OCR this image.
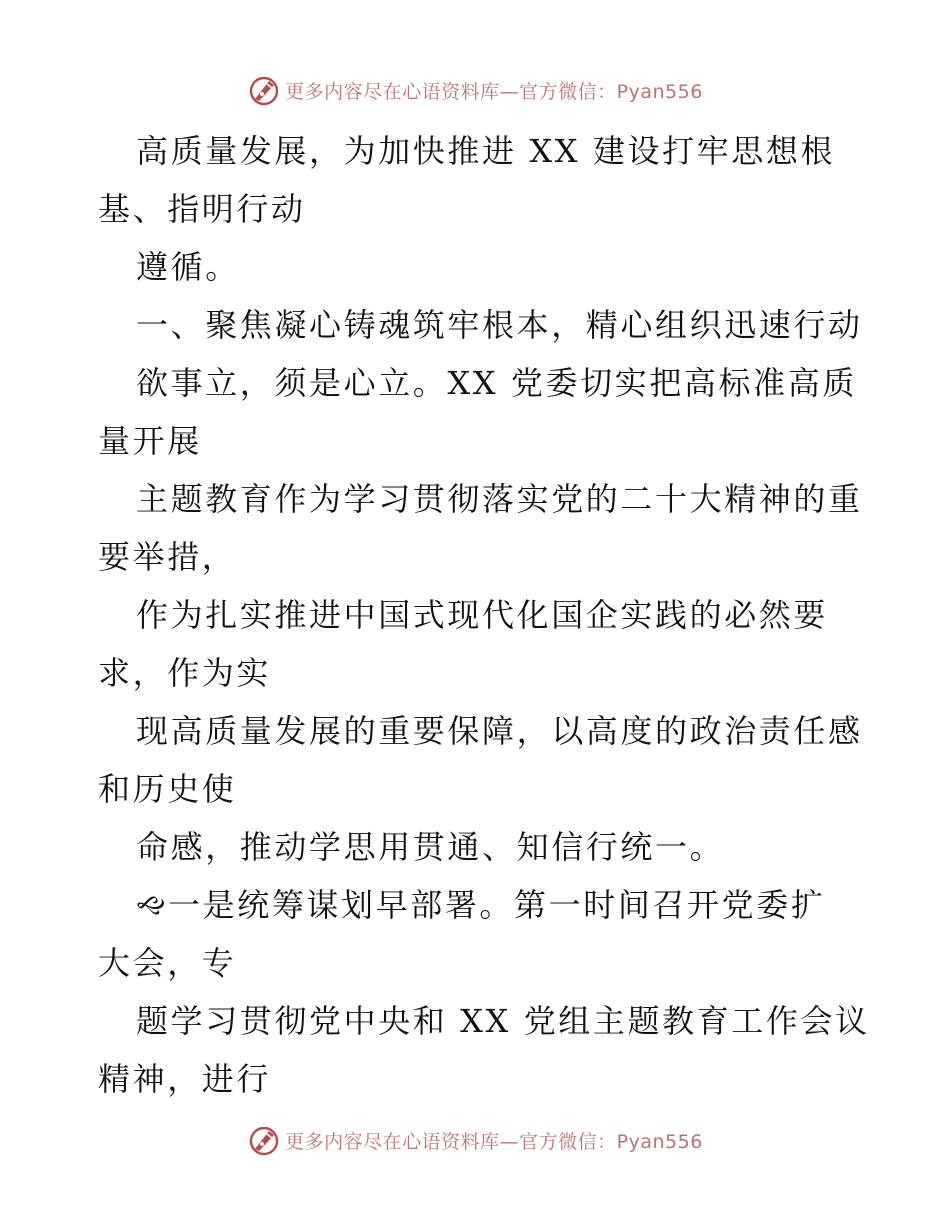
更多内容尽在心语资料库—官方微信：Pyan556
高质量发展，为加快推进 XX 建设打牢思想根
基、指明行动
遵循。
一、聚焦凝心铸魂筑牢根本，精心组织迅速行动
欲事立，须是心立。XX 党委切实把高标准高质
量开展
主题教育作为学习贯彻落实党的二十大精神的重
要举措，
作为扎实推进中国式现代化国企实践的必然要
求，作为实
现高质量发展的重要保障，以高度的政治责任感
和历史使
命感，推动学思用贯通、知信行统一。
🙙一是统筹谋划早部署。第一时间召开党委扩
大会，专
题学习贯彻党中央和 XX 党组主题教育工作会议
精神，进行
更多内容尽在心语资料库—官方微信：Pyan556
